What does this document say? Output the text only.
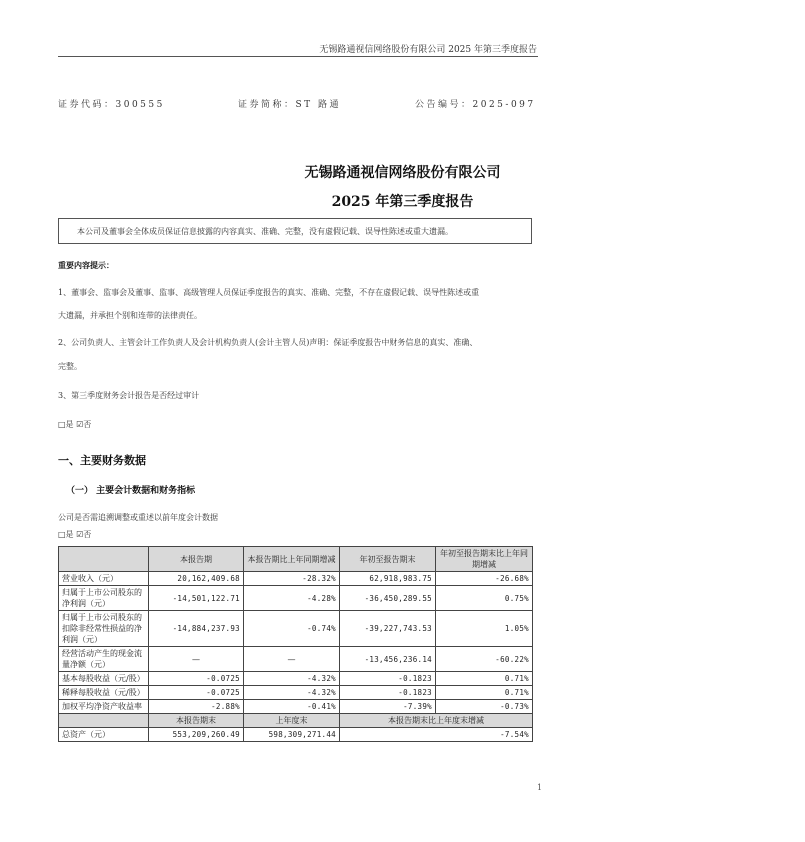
无锡路通视信网络股份有限公司 2025 年第三季度报告
证券代码：300555	证券简称：ST 路通	公告编号：2025-097
无锡路通视信网络股份有限公司
2025 年第三季度报告
本公司及董事会全体成员保证信息披露的内容真实、准确、完整，没有虚假记载、误导性陈述或重大遗漏。
重要内容提示：
1、董事会、监事会及董事、监事、高级管理人员保证季度报告的真实、准确、完整，不存在虚假记载、误导性陈述或重
大遗漏，并承担个别和连带的法律责任。
2、公司负责人、主管会计工作负责人及会计机构负责人(会计主管人员)声明：保证季度报告中财务信息的真实、准确、
完整。
3、第三季度财务会计报告是否经过审计
□是 ☑否
一、主要财务数据
（一） 主要会计数据和财务指标
公司是否需追溯调整或重述以前年度会计数据
□是 ☑否
	本报告期	本报告期比上年同期增减	年初至报告期末	年初至报告期末比上年同期增减
营业收入（元）	20,162,409.68	-28.32%	62,918,983.75	-26.68%
归属于上市公司股东的净利润（元）	-14,501,122.71	-4.28%	-36,450,289.55	0.75%
归属于上市公司股东的扣除非经常性损益的净利润（元）	-14,884,237.93	-0.74%	-39,227,743.53	1.05%
经营活动产生的现金流量净额（元）	—	—	-13,456,236.14	-60.22%
基本每股收益（元/股）	-0.0725	-4.32%	-0.1823	0.71%
稀释每股收益（元/股）	-0.0725	-4.32%	-0.1823	0.71%
加权平均净资产收益率	-2.88%	-0.41%	-7.39%	-0.73%
	本报告期末	上年度末	本报告期末比上年度末增减	
总资产（元）	553,209,260.49	598,309,271.44	-7.54%	
1
